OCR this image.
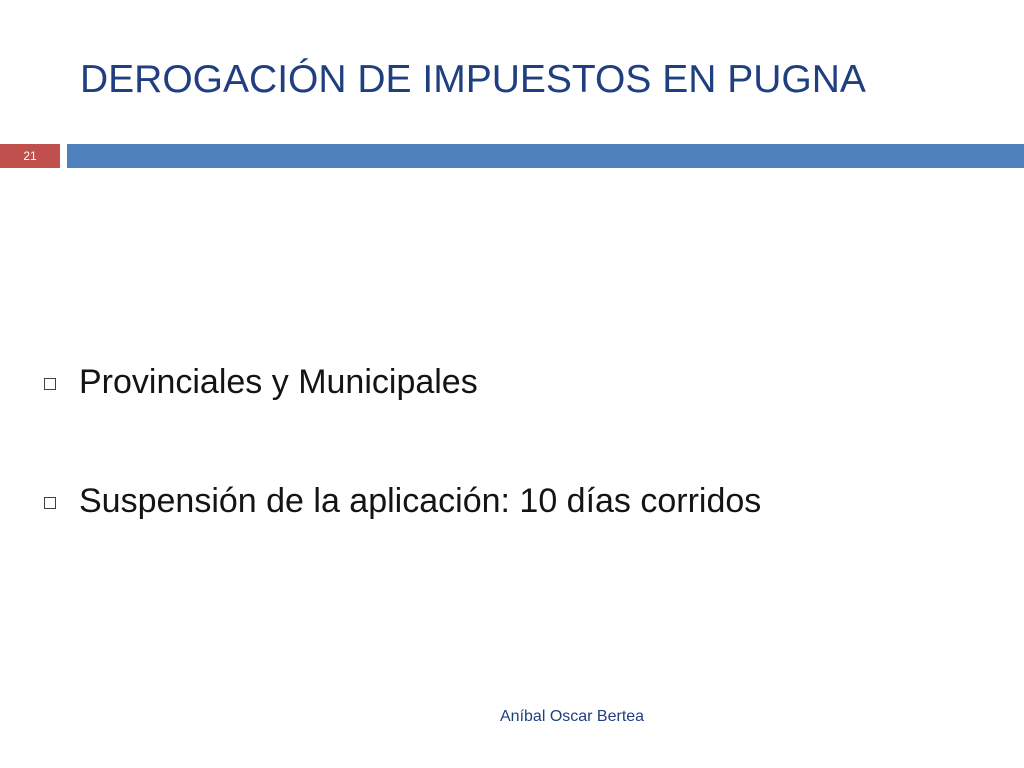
DEROGACIÓN DE IMPUESTOS EN PUGNA
21
Provinciales y Municipales
Suspensión de la aplicación: 10 días corridos
Aníbal Oscar Bertea
